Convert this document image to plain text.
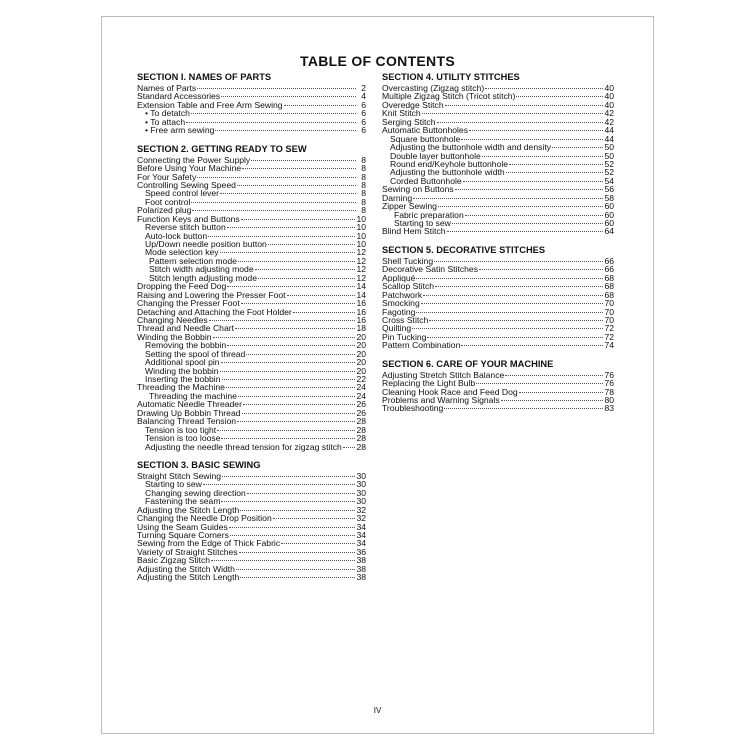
TABLE OF CONTENTS
SECTION I. NAMES OF PARTS
Names of Parts	2
Standard Accessories	4
Extension Table and Free Arm Sewing	6
• To detatch	6
• To attach	6
• Free arm sewing	6
SECTION 2. GETTING READY TO SEW
Connecting the Power Supply	8
Before Using Your Machine	8
For Your Safety	8
Controlling Sewing Speed	8
Speed control lever	8
Foot control	8
Polarized plug	8
Function Keys and Buttons	10
Reverse stitch button	10
Auto-lock button	10
Up/Down needle position button	10
Mode selection key	12
Pattern selection mode	12
Stitch width adjusting mode	12
Stitch length adjusting mode	12
Dropping the Feed Dog	14
Raising and Lowering the Presser Foot	14
Changing the Presser Foot	16
Detaching and Attaching the Foot Holder	16
Changing Needles	16
Thread and Needle Chart	18
Winding the Bobbin	20
Removing the bobbin	20
Setting the spool of thread	20
Additional spool pin	20
Winding the bobbin	20
Inserting the bobbin	22
Threading the Machine	24
Threading the machine	24
Automatic Needle Threader	26
Drawing Up Bobbin Thread	26
Balancing Thread Tension	28
Tension is too tight	28
Tension is too loose	28
Adjusting the needle thread tension for zigzag stitch 28
SECTION 3. BASIC SEWING
Straight Stitch Sewing	30
Starting to sew	30
Changing sewing direction	30
Fastening the seam	30
Adjusting the Stitch Length	32
Changing the Needle Drop Position	32
Using the Seam Guides	34
Turning Square Corners	34
Sewing from the Edge of Thick Fabric	34
Variety of Straight Stitches	36
Basic Zigzag Stitch	38
Adjusting the Stitch Width	38
Adjusting the Stitch Length	38
SECTION 4. UTILITY STITCHES
Overcasting (Zigzag stitch)	40
Multiple Zigzag Stitch (Tricot stitch)	40
Overedge Stitch	40
Knit Stitch	42
Serging Stitch	42
Automatic Buttonholes	44
Square buttonhole	44
Adjusting the buttonhole width and density	50
Double layer buttonhole	50
Round end/Keyhole buttonhole	52
Adjusting the buttonhole width	52
Corded Buttonhole	54
Sewing on Buttons	56
Darning	58
Zipper Sewing	60
Fabric preparation	60
Starting to sew	60
Blind Hem Stitch	64
SECTION 5. DECORATIVE STITCHES
Shell Tucking	66
Decorative Satin Stitches	66
Appliqué	68
Scallop Stitch	68
Patchwork	68
Smocking	70
Fagoting	70
Cross Stitch	70
Quilting	72
Pin Tucking	72
Pattern Combination	74
SECTION 6. CARE OF YOUR MACHINE
Adjusting Stretch Stitch Balance	76
Replacing the Light Bulb	76
Cleaning Hook Race and Feed Dog	78
Problems and Warning Signals	80
Troubleshooting	83
IV
